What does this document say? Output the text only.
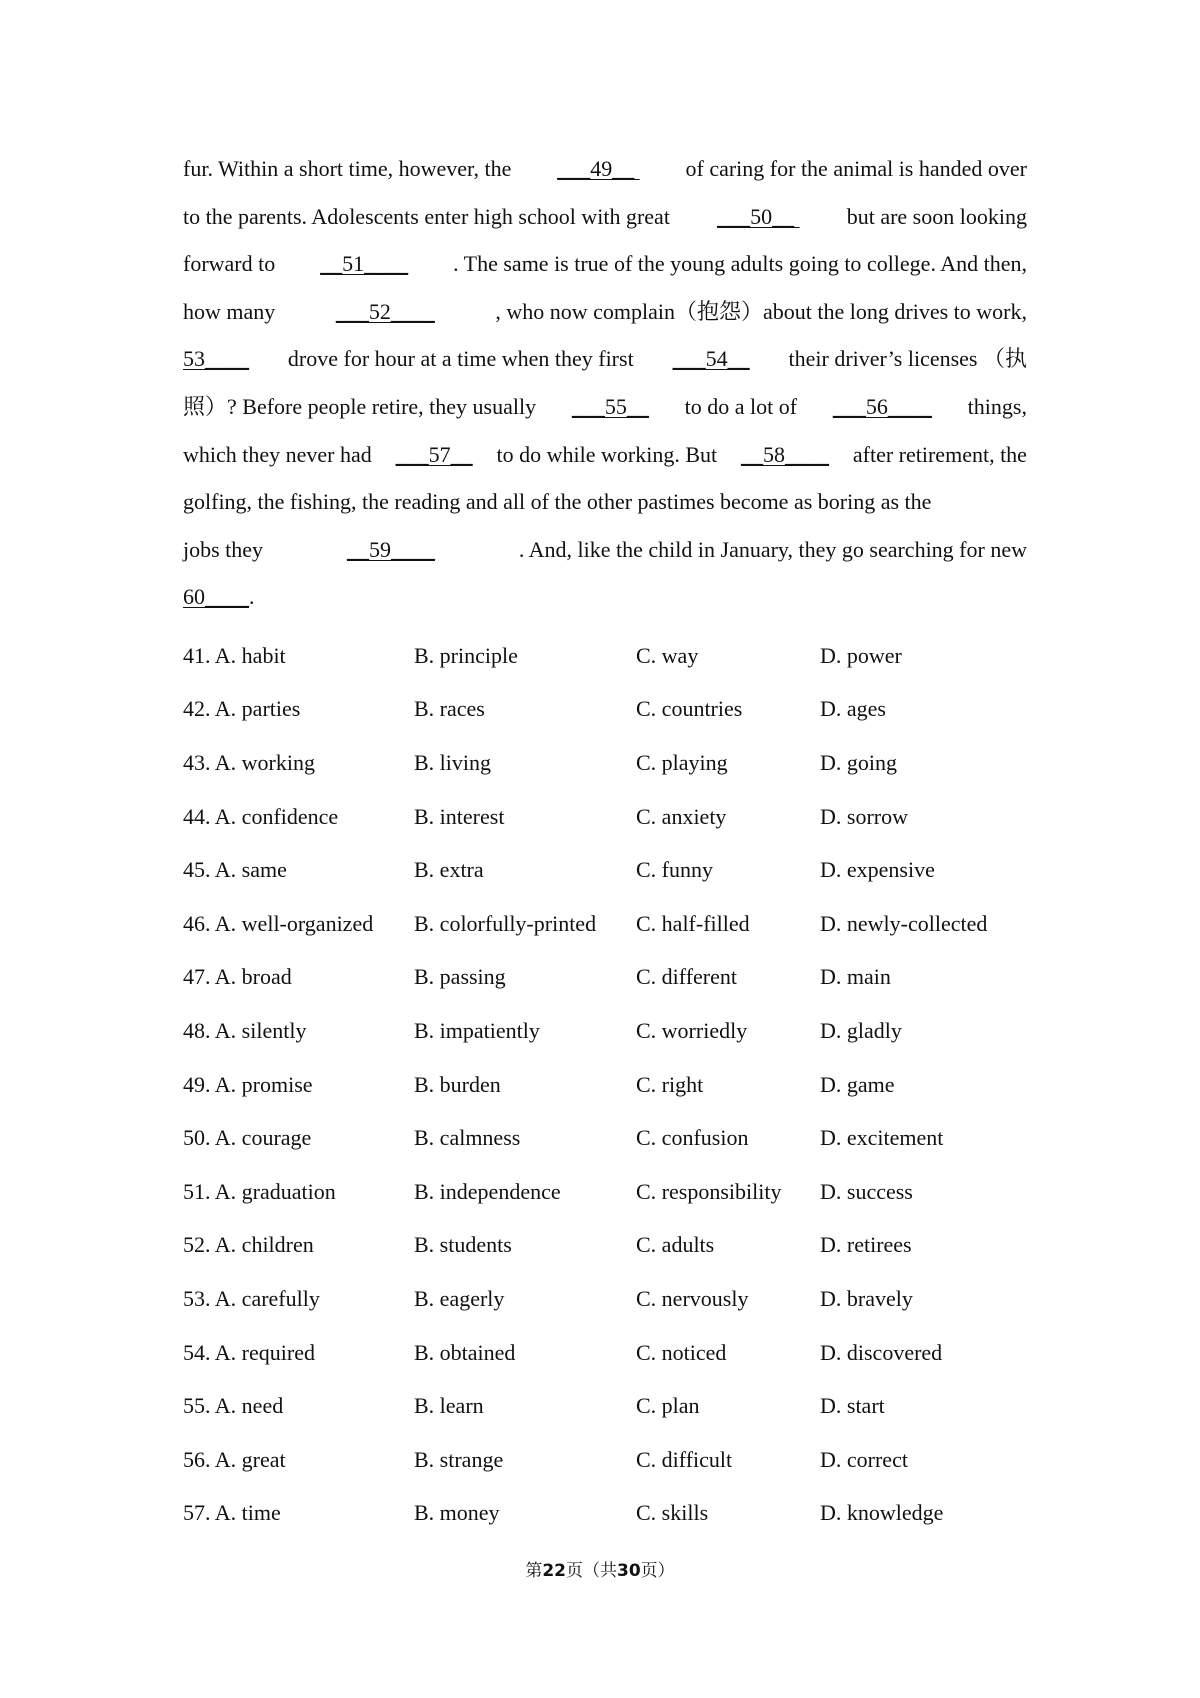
fur. Within a short time, however, the ___49__ of caring for the animal is handed over
to the parents. Adolescents enter high school with great ___50__ but are soon looking
forward to __51____ . The same is true of the young adults going to college. And then,
how many	___52____	, who now complain（抱怨）about the long drives to work,
53____ drove for hour at a time when they first ___54__ their driver’s licenses （执
照）? Before people retire, they usually ___55__ to do a lot of ___56____ things,
which they never had ___57__ to do while working. But __58____ after retirement, the
golfing, the fishing, the reading and all of the other pastimes become as boring as the
jobs they	__59____	. And, like the child in January, they go searching for new
60____ .
41. A. habit	B. principle	C. way	D. power
42. A. parties	B. races	C. countries	D. ages
43. A. working	B. living	C. playing	D. going
44. A. confidence	B. interest	C. anxiety	D. sorrow
45. A. same	B. extra	C. funny	D. expensive
46. A. well-organized	B. colorfully-printed	C. half-filled	D. newly-collected
47. A. broad	B. passing	C. different	D. main
48. A. silently	B. impatiently	C. worriedly	D. gladly
49. A. promise	B. burden	C. right	D. game
50. A. courage	B. calmness	C. confusion	D. excitement
51. A. graduation	B. independence	C. responsibility	D. success
52. A. children	B. students	C. adults	D. retirees
53. A. carefully	B. eagerly	C. nervously	D. bravely
54. A. required	B. obtained	C. noticed	D. discovered
55. A. need	B. learn	C. plan	D. start
56. A. great	B. strange	C. difficult	D. correct
57. A. time	B. money	C. skills	D. knowledge
第22页（共30页）
